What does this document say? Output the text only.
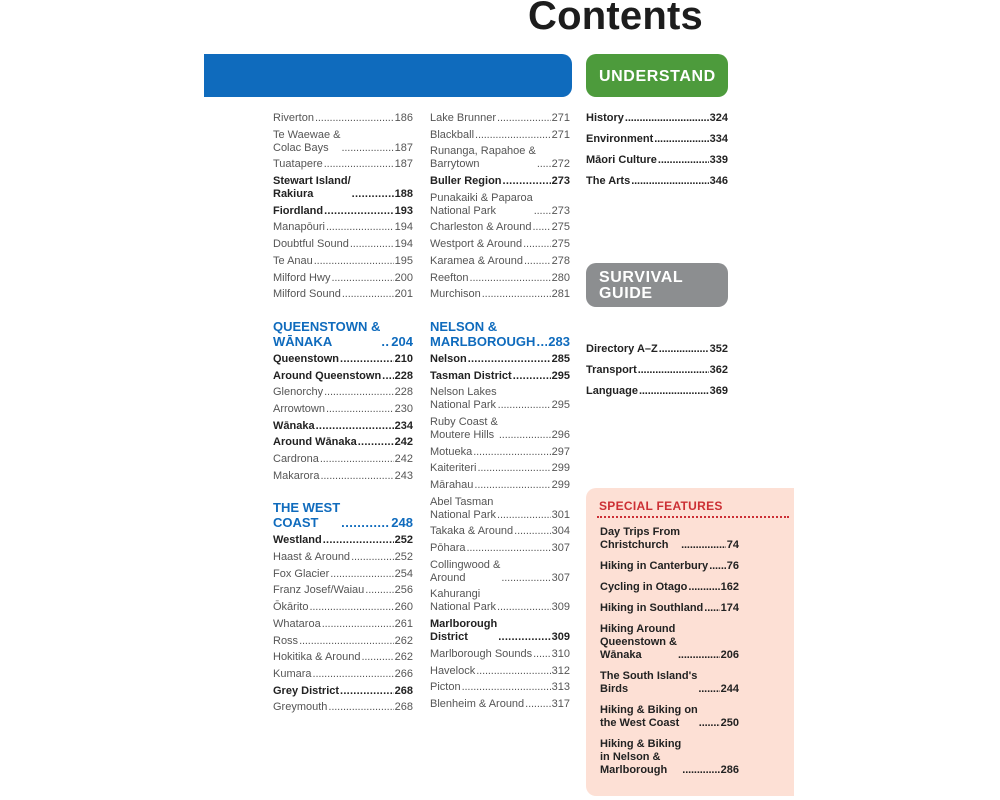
Contents
UNDERSTAND
SURVIVAL
GUIDE
Riverton . . .	186
Te Waewae &
Colac Bays . . .	187
Tuatapere . . .	187
Stewart Island/
Rakiura . . .	188
Fiordland . . .	193
Manapōuri . . .	194
Doubtful Sound . . .	194
Te Anau . . .	195
Milford Hwy . . .	200
Milford Sound . . .	201
QUEENSTOWN &
WĀNAKA . . .	204
Queenstown . . .	210
Around Queenstown . . . 228
Glenorchy . . .	228
Arrowtown . . .	230
Wānaka . . .	234
Around Wānaka . . .	242
Cardrona . . .	242
Makarora . . .	243
THE WEST
COAST . . .	248
Westland . . .	252
Haast & Around . . .	252
Fox Glacier . . .	254
Franz Josef/Waiau . . .	256
Ōkārito . . .	260
Whataroa . . .	261
Ross . . .	262
Hokitika & Around . . .	262
Kumara . . .	266
Grey District . . .	268
Greymouth . . .	268
Lake Brunner . . .	271
Blackball . . .	271
Runanga, Rapahoe &
Barrytown . . .	272
Buller Region . . .	273
Punakaiki & Paparoa
National Park . . .	273
Charleston & Around . . . 275
Westport & Around . . .	275
Karamea & Around . . .	278
Reefton . . .	280
Murchison . . .	281
NELSON &
MARLBOROUGH . . . 283
Nelson . . .	285
Tasman District . . .	295
Nelson Lakes
National Park . . .	295
Ruby Coast &
Moutere Hills . . .	296
Motueka . . .	297
Kaiteriteri . . .	299
Mārahau . . .	299
Abel Tasman
National Park . . .	301
Takaka & Around . . .	304
Pōhara . . .	307
Collingwood &
Around . . .	307
Kahurangi
National Park . . .	309
Marlborough
District . . .	309
Marlborough Sounds . . . 310
Havelock . . .	312
Picton . . .	313
Blenheim & Around . . . 317
History . . .	324
Environment . . .	334
Māori Culture . . .	339
The Arts . . .	346
Directory A–Z . . .	352
Transport . . .	362
Language . . .	369
SPECIAL FEATURES
Day Trips From
Christchurch . . .	74
Hiking in Canterbury . . . 76
Cycling in Otago . . .	162
Hiking in Southland . . . 174
Hiking Around
Queenstown &
Wānaka . . .	206
The South Island's
Birds . . .	244
Hiking & Biking on
the West Coast . . .	250
Hiking & Biking
in Nelson &
Marlborough . . .	286
